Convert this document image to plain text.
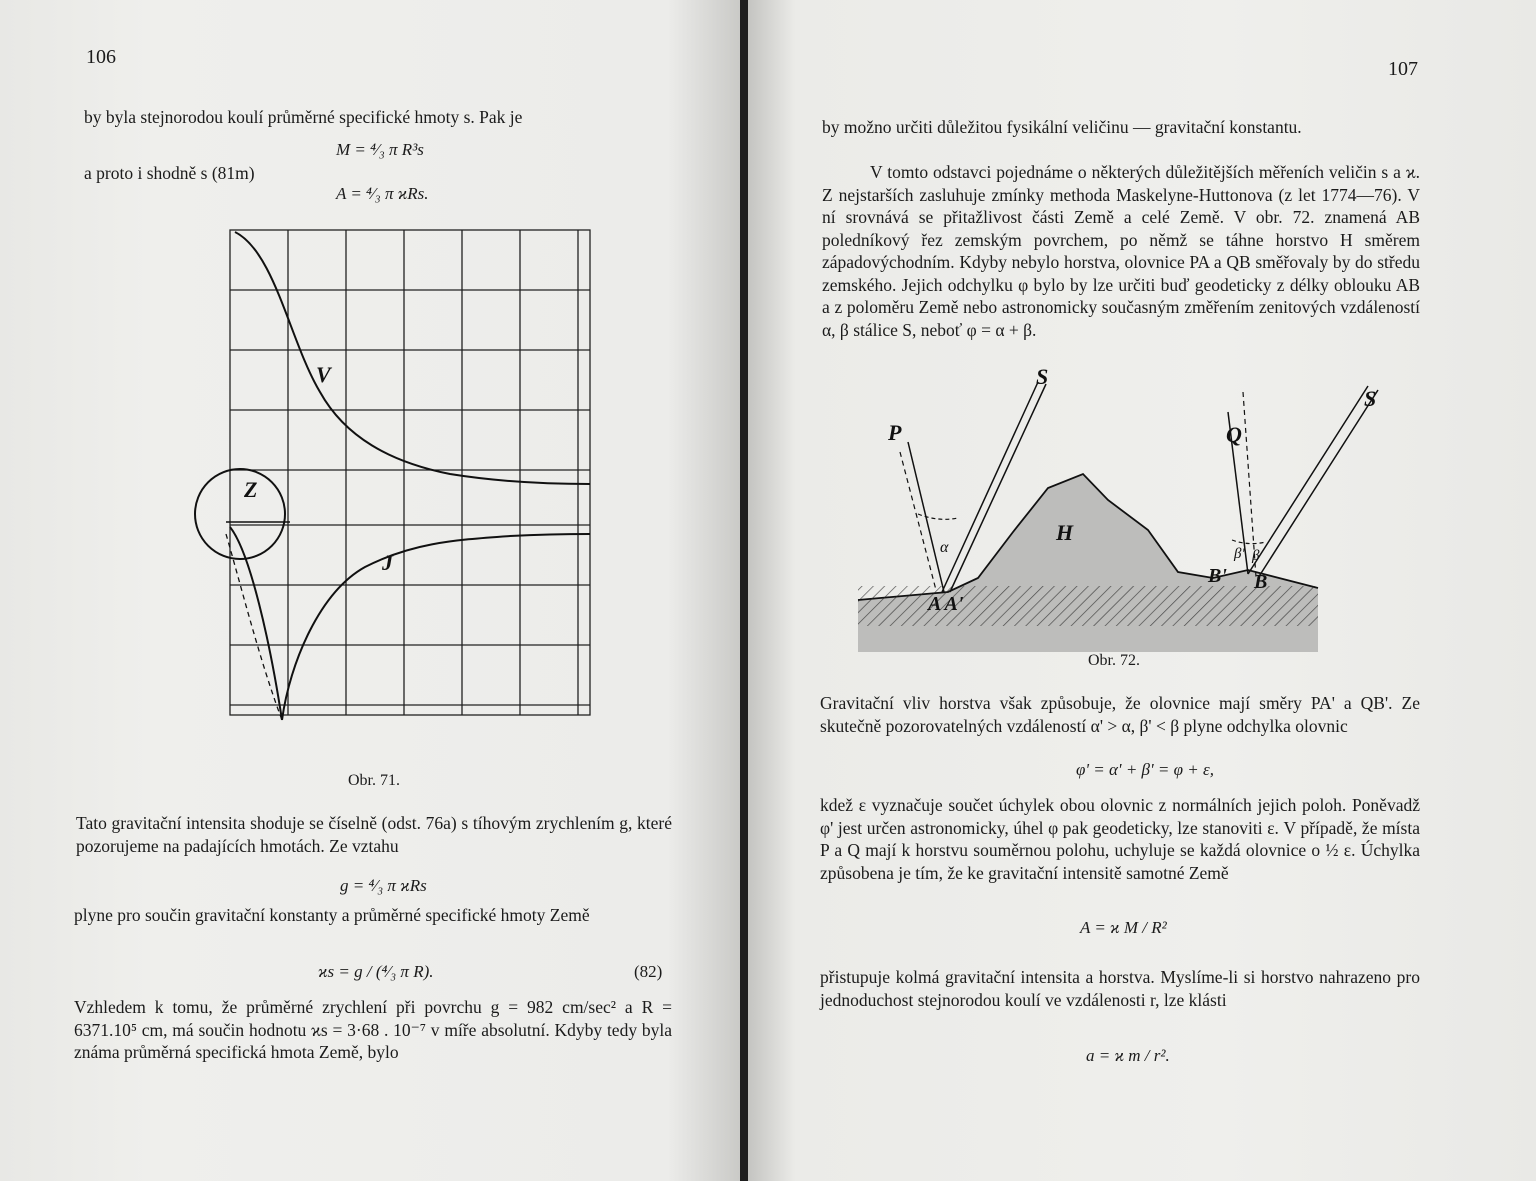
106
by byla stejnorodou koulí průměrné specifické hmoty s. Pak je
M = ⁴⁄₃ π R³s
a proto i shodně s (81m)
A = ⁴⁄₃ π ϰRs.
V
Z
J
Obr. 71.
Tato gravitační intensita shoduje se číselně (odst. 76a) s tíhovým zrychlením g, které pozorujeme na padajících hmotách. Ze vztahu
g = ⁴⁄₃ π ϰRs
plyne pro součin gravitační konstanty a průměrné specifické hmoty Země
ϰs = g / (⁴⁄₃ π R).	(82)
Vzhledem k tomu, že průměrné zrychlení při povrchu g = 982 cm/sec² a R = 6371.10⁵ cm, má součin hodnotu ϰs = 3·68 . 10⁻⁷ v míře absolutní. Kdyby tedy byla známa průměrná specifická hmota Země, bylo
107
by možno určiti důležitou fysikální veličinu — gravitační konstantu.
V tomto odstavci pojednáme o některých důležitějších měřeních veličin s a ϰ. Z nejstarších zasluhuje zmínky methoda Maskelyne-Huttonova (z let 1774—76). V ní srovnává se přitažlivost části Země a celé Země. V obr. 72. znamená AB poledníkový řez zemským povrchem, po němž se táhne horstvo H směrem západovýchodním. Kdyby nebylo horstva, olovnice PA a QB směřovaly by do středu zemského. Jejich odchylku φ bylo by lze určiti buď geodeticky z délky oblouku AB a z poloměru Země nebo astronomicky současným změřením zenitových vzdáleností α, β stálice S, neboť φ = α + β.
S
S
P	Q
H
A A'
B' B
α	β' β
Obr. 72.
Gravitační vliv horstva však způsobuje, že olovnice mají směry PA' a QB'. Ze skutečně pozorovatelných vzdáleností α' > α, β' < β plyne odchylka olovnic
φ' = α' + β' = φ + ε,
kdež ε vyznačuje součet úchylek obou olovnic z normálních jejich poloh. Poněvadž φ' jest určen astronomicky, úhel φ pak geodeticky, lze stanoviti ε. V případě, že místa P a Q mají k horstvu souměrnou polohu, uchyluje se každá olovnice o ½ ε. Úchylka způsobena je tím, že ke gravitační intensitě samotné Země
A = ϰ M / R²
přistupuje kolmá gravitační intensita a horstva. Myslíme-li si horstvo nahrazeno pro jednoduchost stejnorodou koulí ve vzdálenosti r, lze klásti
a = ϰ m / r².
